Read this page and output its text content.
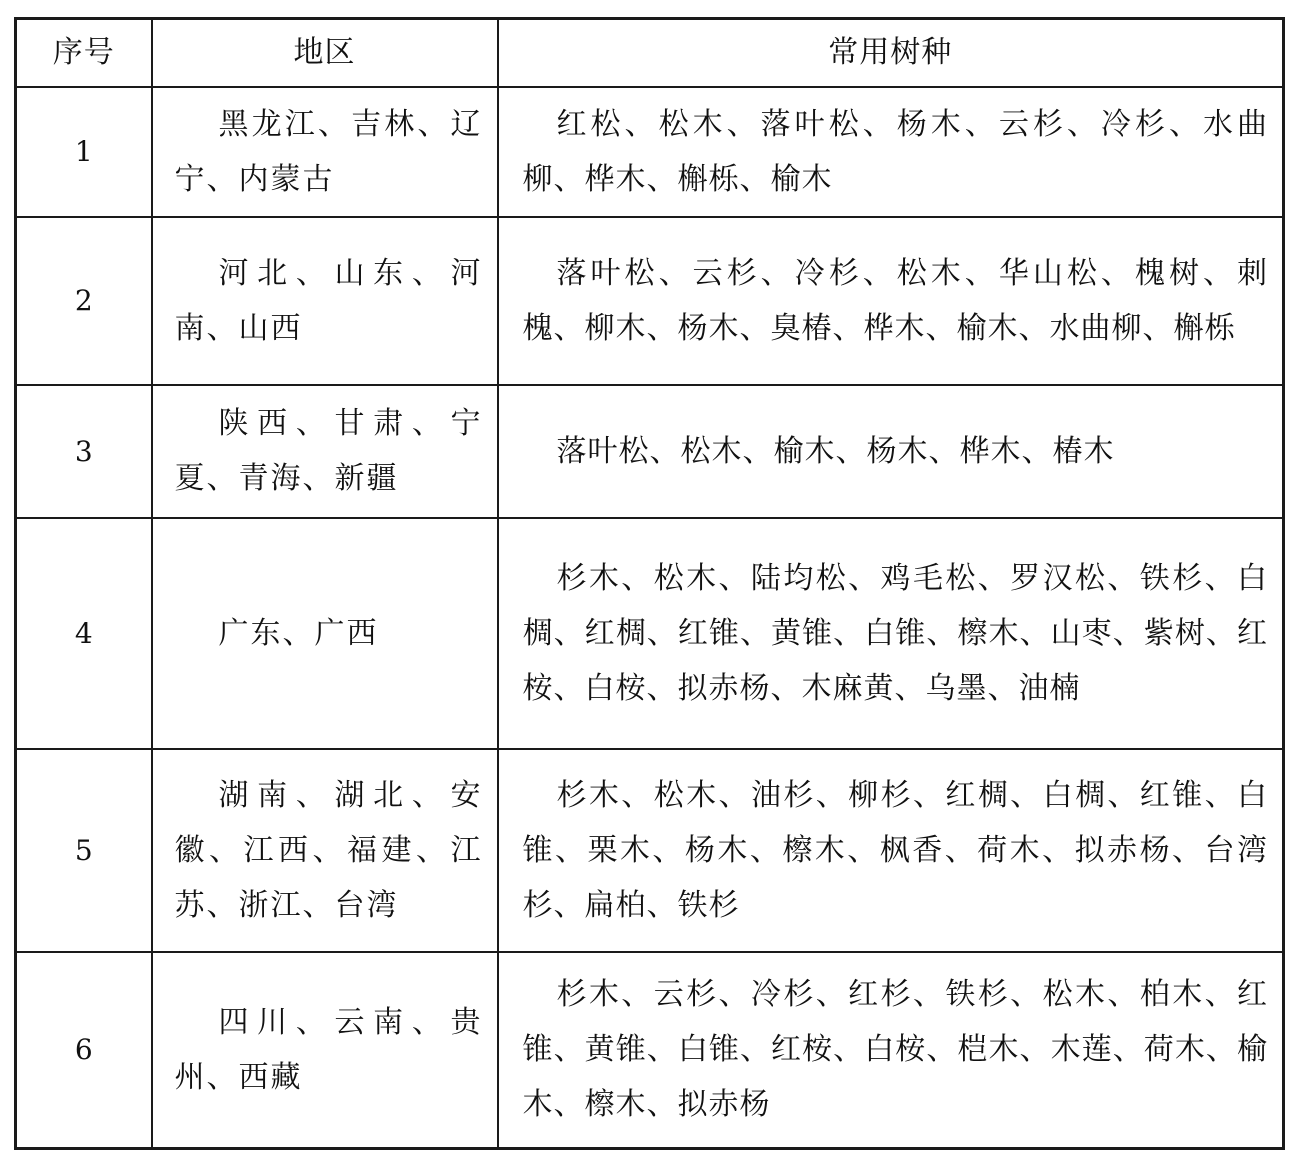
序号	地区	常用树种
1	黑龙江、吉林、辽宁、内蒙古	红松、松木、落叶松、杨木、云杉、冷杉、水曲柳、桦木、槲栎、榆木
2	河北、山东、河南、山西	落叶松、云杉、冷杉、松木、华山松、槐树、刺槐、柳木、杨木、臭椿、桦木、榆木、水曲柳、槲栎
3	陕西、甘肃、宁夏、青海、新疆	落叶松、松木、榆木、杨木、桦木、椿木
4	广东、广西	杉木、松木、陆均松、鸡毛松、罗汉松、铁杉、白椆、红椆、红锥、黄锥、白锥、檫木、山枣、紫树、红桉、白桉、拟赤杨、木麻黄、乌墨、油楠
5	湖南、湖北、安徽、江西、福建、江苏、浙江、台湾	杉木、松木、油杉、柳杉、红椆、白椆、红锥、白锥、栗木、杨木、檫木、枫香、荷木、拟赤杨、台湾杉、扁柏、铁杉
6	四川、云南、贵州、西藏	杉木、云杉、冷杉、红杉、铁杉、松木、柏木、红锥、黄锥、白锥、红桉、白桉、桤木、木莲、荷木、榆木、檫木、拟赤杨
